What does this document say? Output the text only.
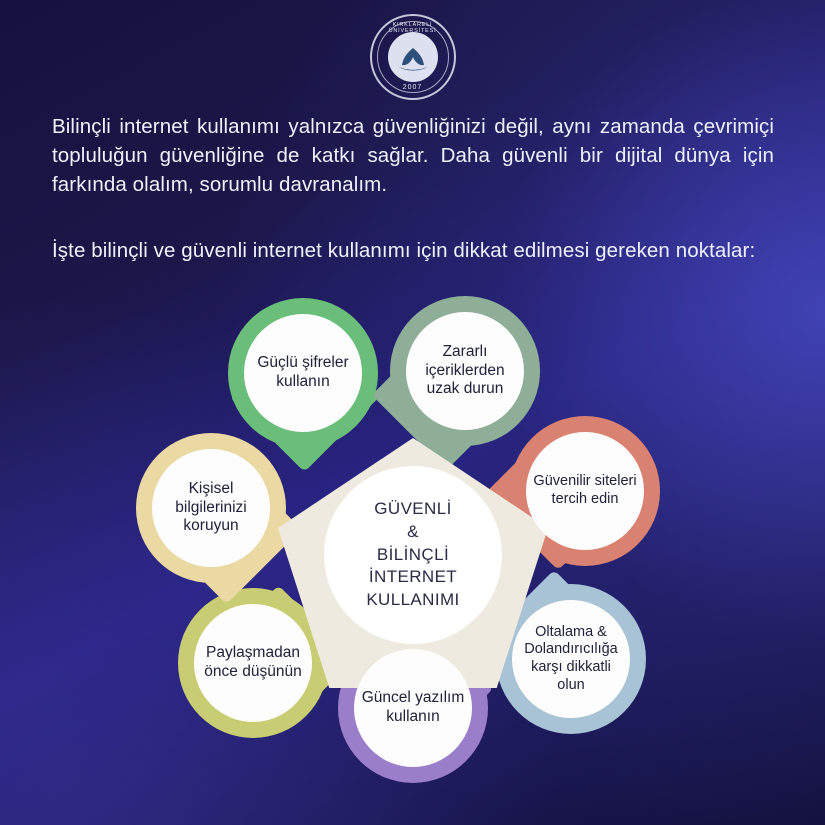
KIRKLARELİ ÜNİVERSİTESİ
2007
Bilinçli internet kullanımı yalnızca güvenliğinizi değil, aynı zamanda çevrimiçi topluluğun güvenliğine de katkı sağlar. Daha güvenli bir dijital dünya için farkında olalım, sorumlu davranalım.
İşte bilinçli ve güvenli internet kullanımı için dikkat edilmesi gereken noktalar:
Güçlü şifreler kullanın
Zararlı içeriklerden uzak durun
Güvenilir siteleri tercih edin
Oltalama & Dolandırıcılığa karşı dikkatli olun
Güncel yazılım kullanın
Paylaşmadan önce düşünün
Kişisel bilgilerinizi koruyun
GÜVENLİ
&
BİLİNÇLİ
İNTERNET
KULLANIMI
